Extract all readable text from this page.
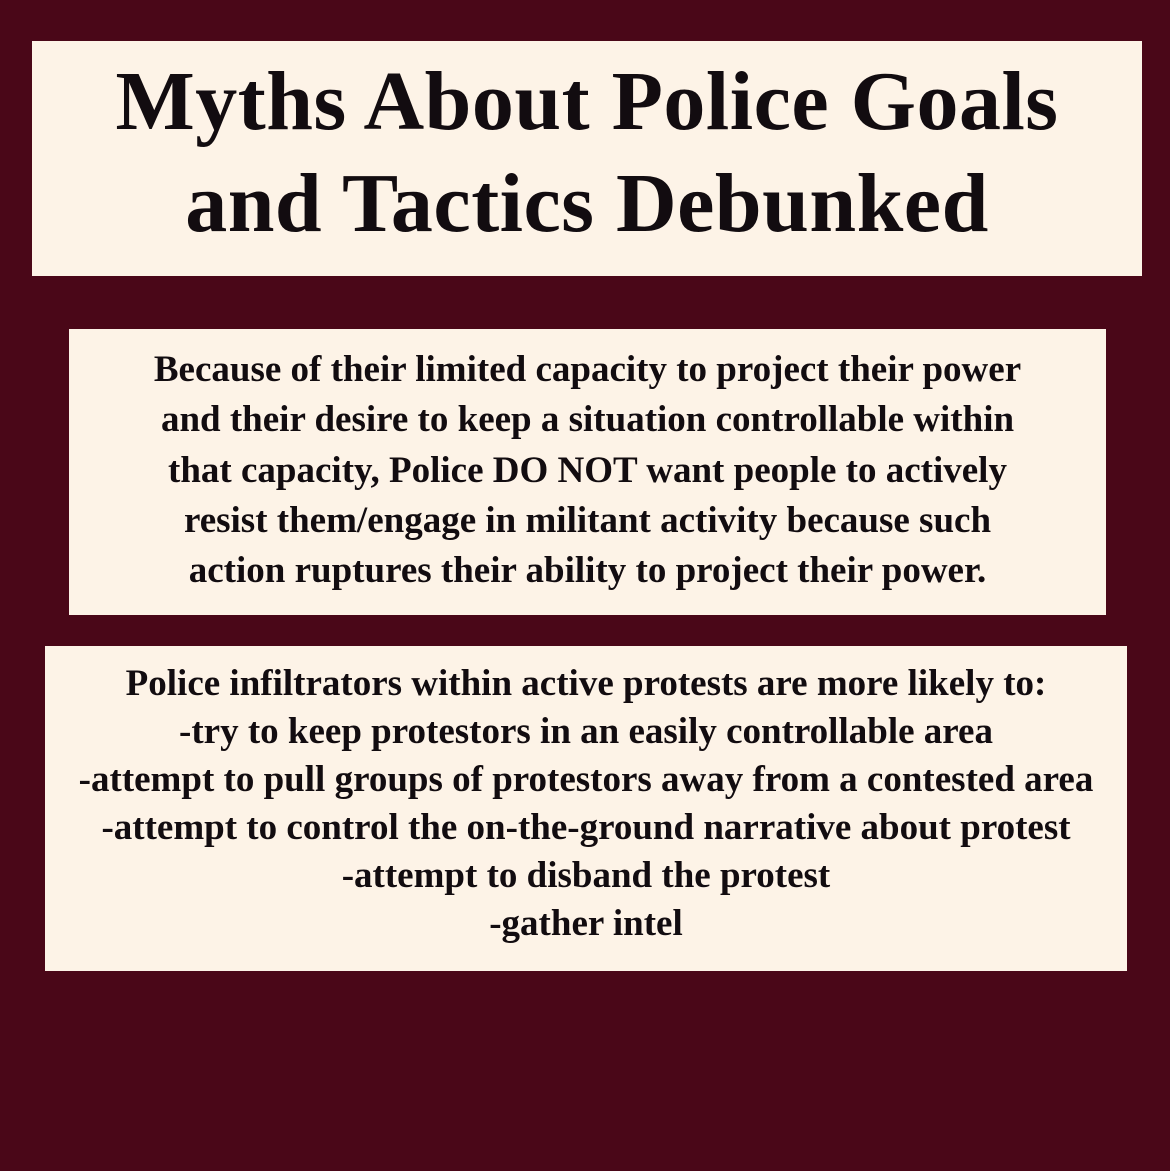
Myths About Police Goals
and Tactics Debunked
Because of their limited capacity to project their power
and their desire to keep a situation controllable within
that capacity, Police DO NOT want people to actively
resist them/engage in militant activity because such
action ruptures their ability to project their power.
Police infiltrators within active protests are more likely to:
-try to keep protestors in an easily controllable area
-attempt to pull groups of protestors away from a contested area
-attempt to control the on-the-ground narrative about protest
-attempt to disband the protest
-gather intel
